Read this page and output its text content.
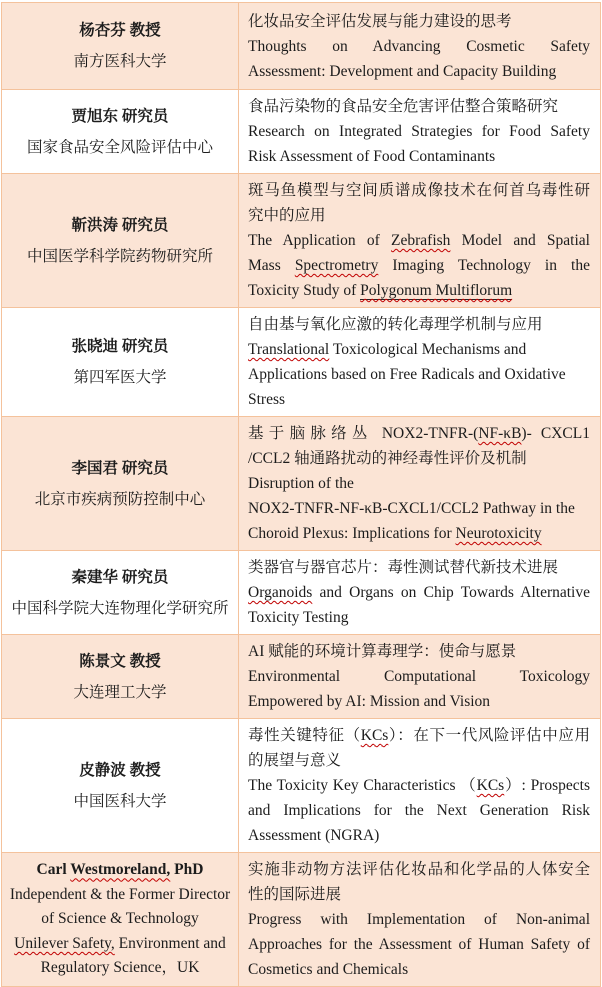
杨杏芬 教授
南方医科大学
化妆品安全评估发展与能力建设的思考
Thoughts on Advancing Cosmetic Safety
Assessment: Development and Capacity Building
贾旭东 研究员
国家食品安全风险评估中心
食品污染物的食品安全危害评估整合策略研究
Research on Integrated Strategies for Food Safety
Risk Assessment of Food Contaminants
靳洪涛 研究员
中国医学科学院药物研究所
斑马鱼模型与空间质谱成像技术在何首乌毒性研
究中的应用
The Application of Zebrafish Model and Spatial
Mass Spectrometry Imaging Technology in the
Toxicity Study of Polygonum Multiflorum
张晓迪 研究员
第四军医大学
自由基与氧化应激的转化毒理学机制与应用
Translational Toxicological Mechanisms and
Applications based on Free Radicals and Oxidative
Stress
李国君 研究员
北京市疾病预防控制中心
基于脑脉络丛 NOX2-TNFR-(NF-κB)- CXCL1
/CCL2 轴通路扰动的神经毒性评价及机制
Disruption of the
NOX2-TNFR-NF-κB-CXCL1/CCL2 Pathway in the
Choroid Plexus: Implications for Neurotoxicity
秦建华 研究员
中国科学院大连物理化学研究所
类器官与器官芯片：毒性测试替代新技术进展
Organoids and Organs on Chip Towards Alternative
Toxicity Testing
陈景文 教授
大连理工大学
AI 赋能的环境计算毒理学：使命与愿景
Environmental Computational Toxicology
Empowered by AI: Mission and Vision
皮静波 教授
中国医科大学
毒性关键特征（KCs）：在下一代风险评估中应用
的展望与意义
The Toxicity Key Characteristics （KCs）: Prospects
and Implications for the Next Generation Risk
Assessment (NGRA)
Carl Westmoreland, PhD
Independent & the Former Director
of Science & Technology
Unilever Safety, Environment and
Regulatory Science，UK
实施非动物方法评估化妆品和化学品的人体安全
性的国际进展
Progress with Implementation of Non-animal
Approaches for the Assessment of Human Safety of
Cosmetics and Chemicals
